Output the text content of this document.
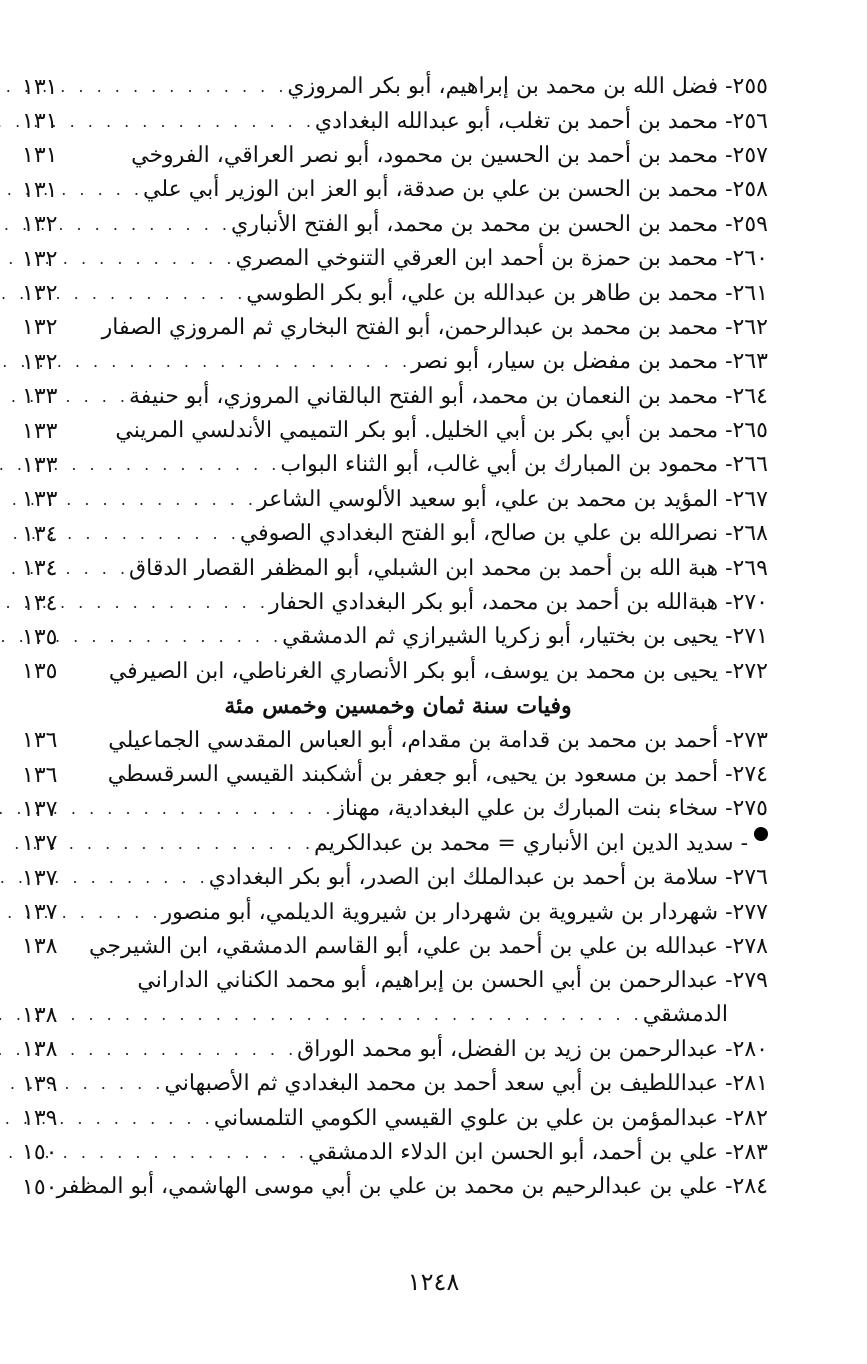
٢٥٥- فضل الله بن محمد بن إبراهيم، أبو بكر المروزي
. . .
١٣١
٢٥٦- محمد بن أحمد بن تغلب، أبو عبدالله البغدادي
. . .
١٣١
٢٥٧- محمد بن أحمد بن الحسين بن محمود، أبو نصر العراقي، الفروخي
١٣١
٢٥٨- محمد بن الحسن بن علي بن صدقة، أبو العز ابن الوزير أبي علي
. . .
١٣١
٢٥٩- محمد بن الحسن بن محمد بن محمد، أبو الفتح الأنباري
. . .
١٣٢
٢٦٠- محمد بن حمزة بن أحمد ابن العرقي التنوخي المصري
. . .
١٣٢
٢٦١- محمد بن طاهر بن عبدالله بن علي، أبو بكر الطوسي
. . .
١٣٢
٢٦٢- محمد بن محمد بن عبدالرحمن، أبو الفتح البخاري ثم المروزي الصفار
١٣٢
٢٦٣- محمد بن مفضل بن سيار، أبو نصر
. . .
١٣٢
٢٦٤- محمد بن النعمان بن محمد، أبو الفتح البالقاني المروزي، أبو حنيفة
. . .
١٣٣
٢٦٥- محمد بن أبي بكر بن أبي الخليل. أبو بكر التميمي الأندلسي المريني
١٣٣
٢٦٦- محمود بن المبارك بن أبي غالب، أبو الثناء البواب
. . .
١٣٣
٢٦٧- المؤيد بن محمد بن علي، أبو سعيد الألوسي الشاعر
. . .
١٣٣
٢٦٨- نصرالله بن علي بن صالح، أبو الفتح البغدادي الصوفي
. . .
١٣٤
٢٦٩- هبة الله بن أحمد بن محمد ابن الشبلي، أبو المظفر القصار الدقاق
. . .
١٣٤
٢٧٠- هبةالله بن أحمد بن محمد، أبو بكر البغدادي الحفار
. . .
١٣٤
٢٧١- يحيى بن بختيار، أبو زكريا الشيرازي ثم الدمشقي
. . .
١٣٥
٢٧٢- يحيى بن محمد بن يوسف، أبو بكر الأنصاري الغرناطي، ابن الصيرفي
١٣٥
وفيات سنة ثمان وخمسين وخمس مئة
٢٧٣- أحمد بن محمد بن قدامة بن مقدام، أبو العباس المقدسي الجماعيلي
١٣٦
٢٧٤- أحمد بن مسعود بن يحيى، أبو جعفر بن أشكبند القيسي السرقسطي
١٣٦
٢٧٥- سخاء بنت المبارك بن علي البغدادية، مهناز
. . .
١٣٧
- سديد الدين ابن الأنباري = محمد بن عبدالكريم
. . .
١٣٧
٢٧٦- سلامة بن أحمد بن عبدالملك ابن الصدر، أبو بكر البغدادي
. . .
١٣٧
٢٧٧- شهردار بن شيروية بن شهردار بن شيروية الديلمي، أبو منصور
. . .
١٣٧
٢٧٨- عبدالله بن علي بن أحمد بن علي، أبو القاسم الدمشقي، ابن الشيرجي
١٣٨
٢٧٩- عبدالرحمن بن أبي الحسن بن إبراهيم، أبو محمد الكناني الداراني
الدمشقي
. . .
١٣٨
٢٨٠- عبدالرحمن بن زيد بن الفضل، أبو محمد الوراق
. . .
١٣٨
٢٨١- عبداللطيف بن أبي سعد أحمد بن محمد البغدادي ثم الأصبهاني
. . .
١٣٩
٢٨٢- عبدالمؤمن بن علي بن علوي القيسي الكومي التلمساني
. . .
١٣٩
٢٨٣- علي بن أحمد، أبو الحسن ابن الدلاء الدمشقي
. . .
١٥٠
٢٨٤- علي بن عبدالرحيم بن محمد بن علي بن أبي موسى الهاشمي، أبو المظفر
١٥٠
١٢٤٨
